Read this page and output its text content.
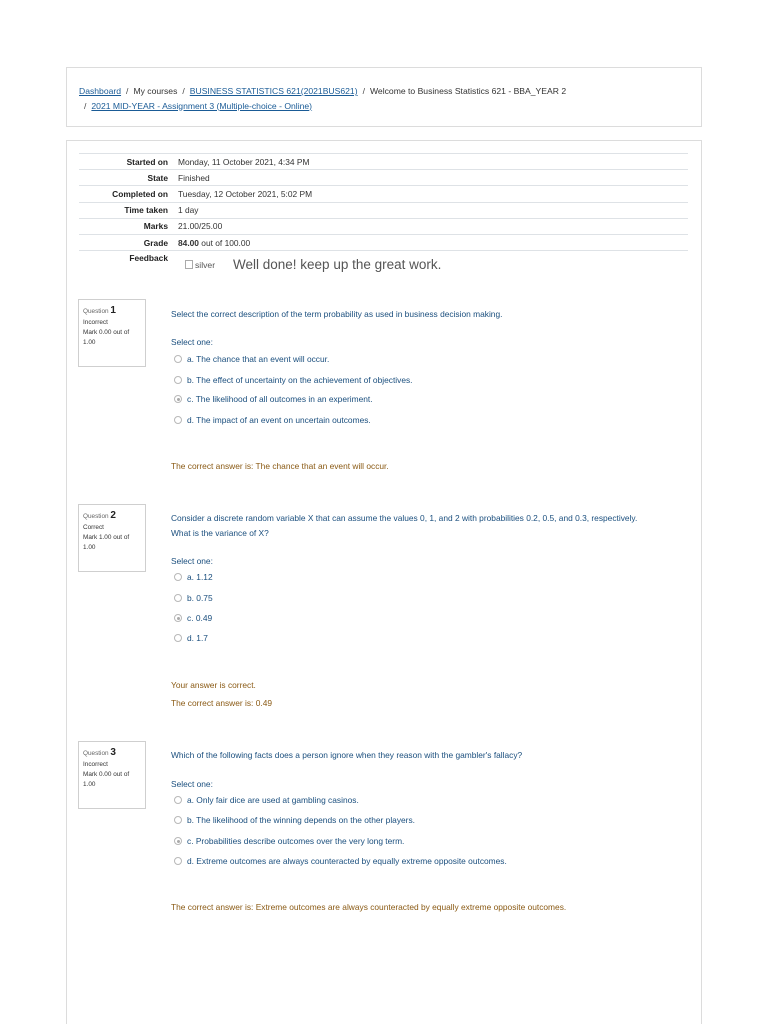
Dashboard / My courses / BUSINESS STATISTICS 621(2021BUS621) / Welcome to Business Statistics 621 - BBA_YEAR 2
/ 2021 MID-YEAR - Assignment 3 (Multiple-choice - Online)
Started on	Monday, 11 October 2021, 4:34 PM
State	Finished
Completed on	Tuesday, 12 October 2021, 5:02 PM
Time taken	1 day
Marks	21.00/25.00
Grade	84.00 out of 100.00
Feedback
silver Well done! keep up the great work.
Question 1
Incorrect
Mark 0.00 out of 1.00
Select the correct description of the term probability as used in business decision making.
Select one:
a. The chance that an event will occur.
b. The effect of uncertainty on the achievement of objectives.
c. The likelihood of all outcomes in an experiment.
d. The impact of an event on uncertain outcomes.
The correct answer is: The chance that an event will occur.
Question 2
Correct
Mark 1.00 out of 1.00
Consider a discrete random variable X that can assume the values 0, 1, and 2 with probabilities 0.2, 0.5, and 0.3, respectively. What is the variance of X?
Select one:
a. 1.12
b. 0.75
c. 0.49
d. 1.7
Your answer is correct.
The correct answer is: 0.49
Question 3
Incorrect
Mark 0.00 out of 1.00
Which of the following facts does a person ignore when they reason with the gambler's fallacy?
Select one:
a. Only fair dice are used at gambling casinos.
b. The likelihood of the winning depends on the other players.
c. Probabilities describe outcomes over the very long term.
d. Extreme outcomes are always counteracted by equally extreme opposite outcomes.
The correct answer is: Extreme outcomes are always counteracted by equally extreme opposite outcomes.
